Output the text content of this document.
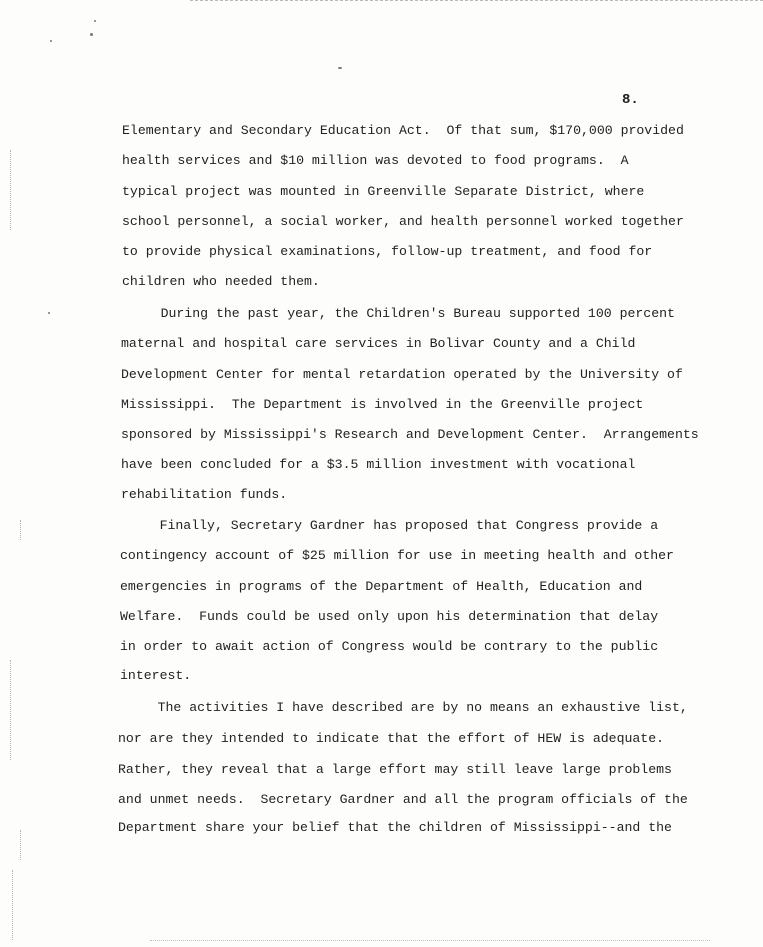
8.
Elementary and Secondary Education Act.  Of that sum, $170,000 provided
health services and $10 million was devoted to food programs.  A
typical project was mounted in Greenville Separate District, where
school personnel, a social worker, and health personnel worked together
to provide physical examinations, follow-up treatment, and food for
children who needed them.
During the past year, the Children's Bureau supported 100 percent
maternal and hospital care services in Bolivar County and a Child
Development Center for mental retardation operated by the University of
Mississippi.  The Department is involved in the Greenville project
sponsored by Mississippi's Research and Development Center.  Arrangements
have been concluded for a $3.5 million investment with vocational
rehabilitation funds.
Finally, Secretary Gardner has proposed that Congress provide a
contingency account of $25 million for use in meeting health and other
emergencies in programs of the Department of Health, Education and
Welfare.  Funds could be used only upon his determination that delay
in order to await action of Congress would be contrary to the public
interest.
The activities I have described are by no means an exhaustive list,
nor are they intended to indicate that the effort of HEW is adequate.
Rather, they reveal that a large effort may still leave large problems
and unmet needs.  Secretary Gardner and all the program officials of the
Department share your belief that the children of Mississippi--and the
